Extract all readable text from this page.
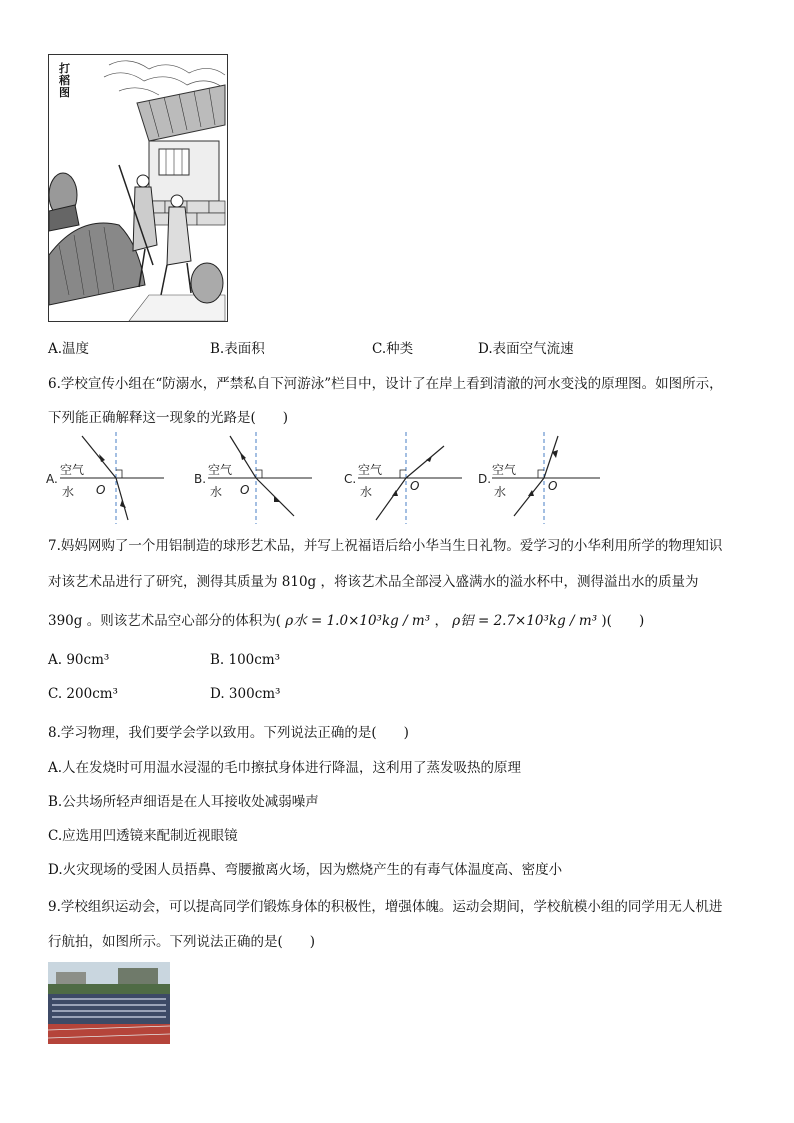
打
稻
图
A.温度	B.表面积	C.种类	D.表面空气流速
6.学校宣传小组在“防溺水，严禁私自下河游泳”栏目中，设计了在岸上看到清澈的河水变浅的原理图。如图所示，
下列能正确解释这一现象的光路是(　　)
A.
空气
水 O
B.
空气
水 O
C.
空气
水	O	D.
空气
水	O
7.妈妈网购了一个用铝制造的球形艺术品，并写上祝福语后给小华当生日礼物。爱学习的小华利用所学的物理知识
对该艺术品进行了研究，测得其质量为 810g ，将该艺术品全部浸入盛满水的溢水杯中，测得溢出水的质量为
390g 。则该艺术品空心部分的体积为( ρ水 = 1.0×10³kg / m³ ， ρ铝 = 2.7×10³kg / m³ )(　　)
A. 90cm³	B. 100cm³
C. 200cm³	D. 300cm³
8.学习物理，我们要学会学以致用。下列说法正确的是(　　)
A.人在发烧时可用温水浸湿的毛巾擦拭身体进行降温，这利用了蒸发吸热的原理
B.公共场所轻声细语是在人耳接收处减弱噪声
C.应选用凹透镜来配制近视眼镜
D.火灾现场的受困人员捂鼻、弯腰撤离火场，因为燃烧产生的有毒气体温度高、密度小
9.学校组织运动会，可以提高同学们锻炼身体的积极性，增强体魄。运动会期间，学校航模小组的同学用无人机进
行航拍，如图所示。下列说法正确的是(　　)
